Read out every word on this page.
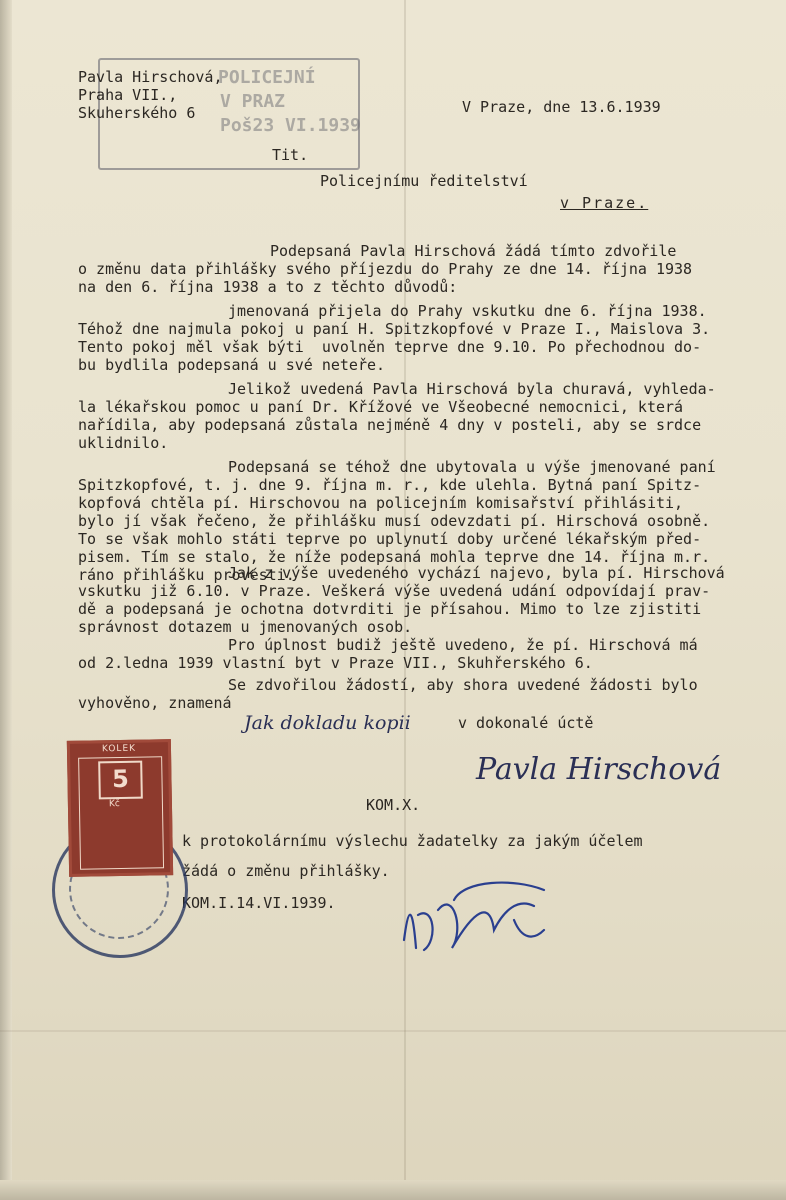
POLICEJNÍ
V PRAZ
Poš23 VI.1939
Pavla Hirschová,
Praha VII.,
Skuherského 6	V Praze, dne 13.6.1939
Tit.
Policejnímu ředitelství
v Praze.
Podepsaná Pavla Hirschová žádá tímto zdvořile
o změnu data přihlášky svého příjezdu do Prahy ze dne 14. října 1938
na den 6. října 1938 a to z těchto důvodů:
jmenovaná přijela do Prahy vskutku dne 6. října 1938.
Téhož dne najmula pokoj u paní H. Spitzkopfové v Praze I., Maislova 3.
Tento pokoj měl však býti  uvolněn teprve dne 9.10. Po přechodnou do-
bu bydlila podepsaná u své neteře.
Jelikož uvedená Pavla Hirschová byla churavá, vyhleda-
la lékařskou pomoc u paní Dr. Křížové ve Všeobecné nemocnici, která
nařídila, aby podepsaná zůstala nejméně 4 dny v posteli, aby se srdce
uklidnilo.
Podepsaná se téhož dne ubytovala u výše jmenované paní
Spitzkopfové, t. j. dne 9. října m. r., kde ulehla. Bytná paní Spitz-
kopfová chtěla pí. Hirschovou na policejním komisařství přihlásiti,
bylo jí však řečeno, že přihlášku musí odevzdati pí. Hirschová osobně.
To se však mohlo státi teprve po uplynutí doby určené lékařským před-
pisem. Tím se stalo, že níže podepsaná mohla teprve dne 14. října m.r.
ráno přihlášku provésti.
Jak z výše uvedeného vychází najevo, byla pí. Hirschová
vskutku již 6.10. v Praze. Veškerá výše uvedená udání odpovídají prav-
dě a podepsaná je ochotna dotvrditi je přísahou. Mimo to lze zjistiti
správnost dotazem u jmenovaných osob.
Pro úplnost budiž ještě uvedeno, že pí. Hirschová má
od 2.ledna 1939 vlastní byt v Praze VII., Skuhřerského 6.
Se zdvořilou žádostí, aby shora uvedené žádosti bylo
vyhověno, znamená
v dokonalé úctě
Jak dokladu kopii
Pavla Hirschová
KOM.X.
k protokolárnímu výslechu žadatelky za jakým účelem
žádá o změnu přihlášky.
KOM.I.14.VI.1939.
KOLEK
5
Kč
